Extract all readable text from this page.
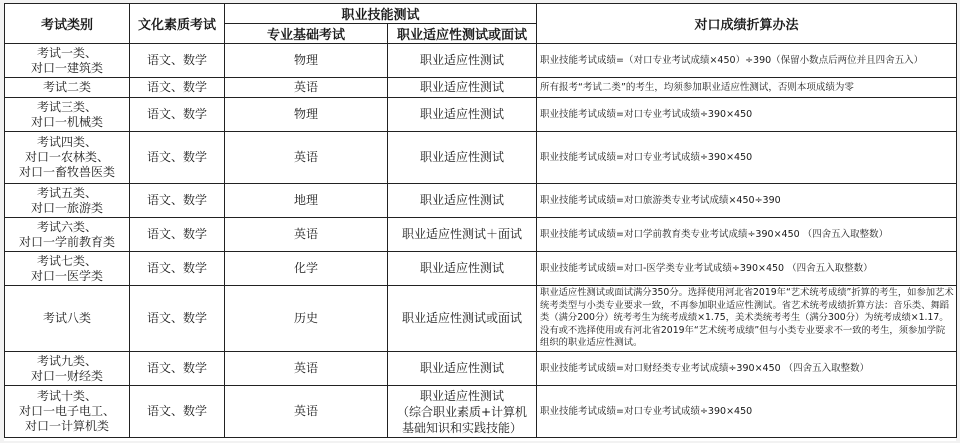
考试类别	文化素质考试	职业技能测试		对口成绩折算办法
		专业基础考试	职业适应性测试或面试	
考试一类、
对口一建筑类	语文、数学	物理	职业适应性测试	职业技能考试成绩=（对口专业考试成绩×450）÷390（保留小数点后两位并且四舍五入）
考试二类	语文、数学	英语	职业适应性测试	所有报考“考试二类”的考生，均须参加职业适应性测试，否则本项成绩为零
考试三类、
对口一机械类	语文、数学	物理	职业适应性测试	职业技能考试成绩=对口专业考试成绩÷390×450
考试四类、
对口一农林类、
对口一畜牧兽医类	语文、数学	英语	职业适应性测试	职业技能考试成绩=对口专业考试成绩÷390×450
考试五类、
对口一旅游类	语文、数学	地理	职业适应性测试	职业技能考试成绩=对口旅游类专业考试成绩×450÷390
考试六类、
对口一学前教育类	语文、数学	英语	职业适应性测试＋面试	职业技能考试成绩=对口学前教育类专业考试成绩÷390×450 （四舍五入取整数）
考试七类、
对口一医学类	语文、数学	化学	职业适应性测试	职业技能考试成绩=对口-医学类专业考试成绩÷390×450 （四舍五入取整数）
考试八类	语文、数学	历史	职业适应性测试或面试	职业适应性测试或面试满分350分。选择使用河北省2019年“艺术统考成绩”折算的考生，如参加艺术统考类型与小类专业要求一致，不再参加职业适应性测试。省艺术统考成绩折算方法：音乐类、舞蹈类（满分200分）统考考生为统考成绩×1.75，美术类统考考生（满分300分）为统考成绩×1.17。没有或不选择使用或有河北省2019年“艺术统考成绩”但与小类专业要求不一致的考生，须参加学院组织的职业适应性测试。
考试九类、
对口一财经类	语文、数学	英语	职业适应性测试	职业技能考试成绩=对口财经类专业考试成绩÷390×450 （四舍五入取整数）
考试十类、
对口一电子电工、
对口一计算机类	语文、数学	英语	职业适应性测试
（综合职业素质+计算机
基础知识和实践技能）	职业技能考试成绩=对口专业考试成绩÷390×450
